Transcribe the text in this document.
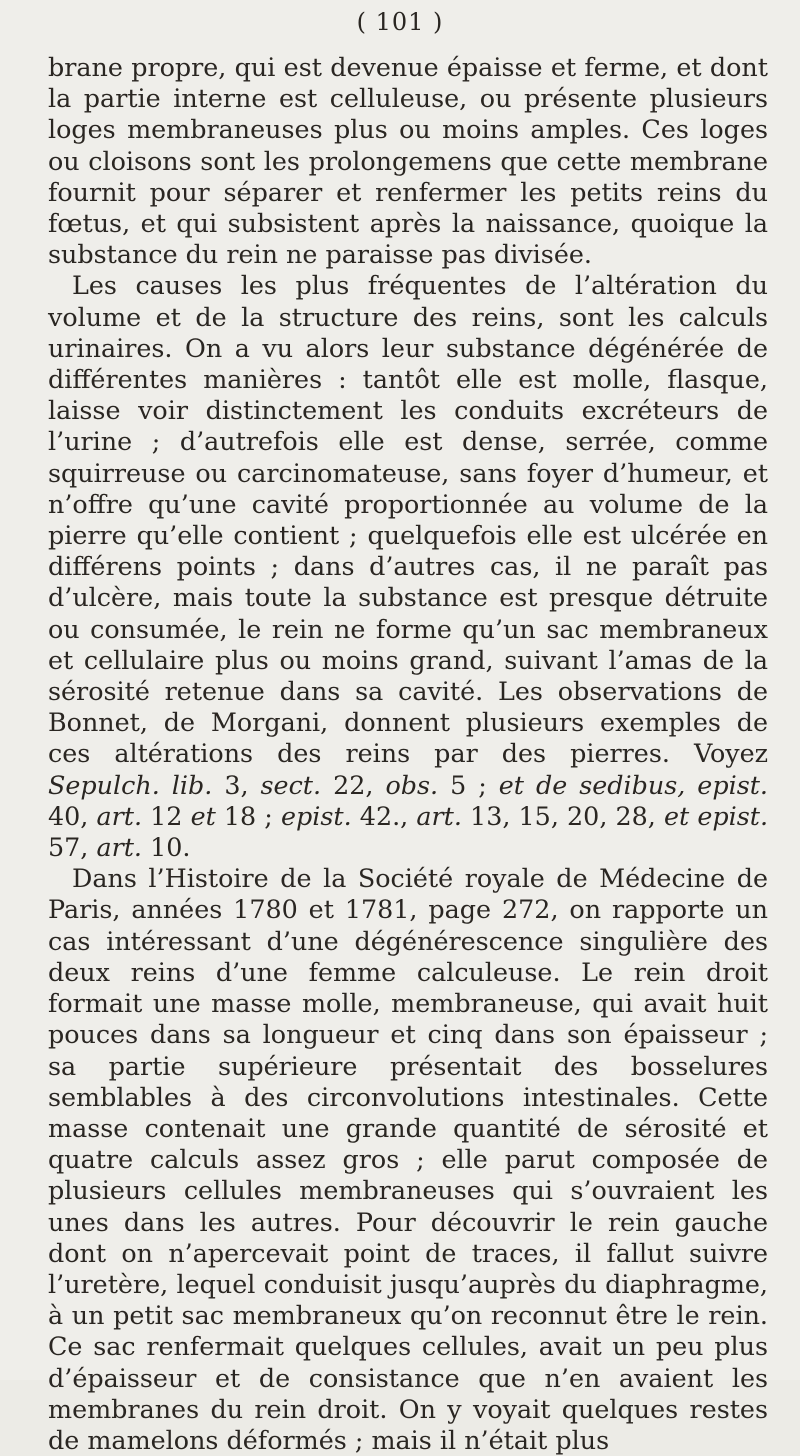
( 101 )

brane propre, qui est devenue épaisse et ferme, et dont la partie interne est celluleuse, ou présente plusieurs loges membraneuses plus ou moins amples. Ces loges ou cloisons sont les prolongemens que cette membrane fournit pour séparer et renfermer les petits reins du fœtus, et qui subsistent après la naissance, quoique la substance du rein ne paraisse pas divisée.

Les causes les plus fréquentes de l’altération du volume et de la structure des reins, sont les calculs urinaires. On a vu alors leur substance dégénérée de différentes manières : tantôt elle est molle, flasque, laisse voir distinctement les conduits excréteurs de l’urine ; d’autrefois elle est dense, serrée, comme squirreuse ou carcinomateuse, sans foyer d’humeur, et n’offre qu’une cavité proportionnée au volume de la pierre qu’elle contient ; quelquefois elle est ulcérée en différens points ; dans d’autres cas, il ne paraît pas d’ulcère, mais toute la substance est presque détruite ou consumée, le rein ne forme qu’un sac membraneux et cellulaire plus ou moins grand, suivant l’amas de la sérosité retenue dans sa cavité. Les observations de Bonnet, de Morgani, donnent plusieurs exemples de ces altérations des reins par des pierres. Voyez Sepulch. lib. 3, sect. 22, obs. 5 ; et de sedibus, epist. 40, art. 12 et 18 ; epist. 42., art. 13, 15, 20, 28, et epist. 57, art. 10.

Dans l’Histoire de la Société royale de Médecine de Paris, années 1780 et 1781, page 272, on rapporte un cas intéressant d’une dégénérescence singulière des deux reins d’une femme calculeuse. Le rein droit formait une masse molle, membraneuse, qui avait huit pouces dans sa longueur et cinq dans son épaisseur ; sa partie supérieure présentait des bosselures semblables à des circonvolutions intestinales. Cette masse contenait une grande quantité de sérosité et quatre calculs assez gros ; elle parut composée de plusieurs cellules membraneuses qui s’ouvraient les unes dans les autres. Pour découvrir le rein gauche dont on n’apercevait point de traces, il fallut suivre l’uretère, lequel conduisit jusqu’auprès du diaphragme, à un petit sac membraneux qu’on reconnut être le rein. Ce sac renfermait quelques cellules, avait un peu plus d’épaisseur et de consistance que n’en avaient les membranes du rein droit. On y voyait quelques restes de mamelons déformés ; mais il n’était plus
